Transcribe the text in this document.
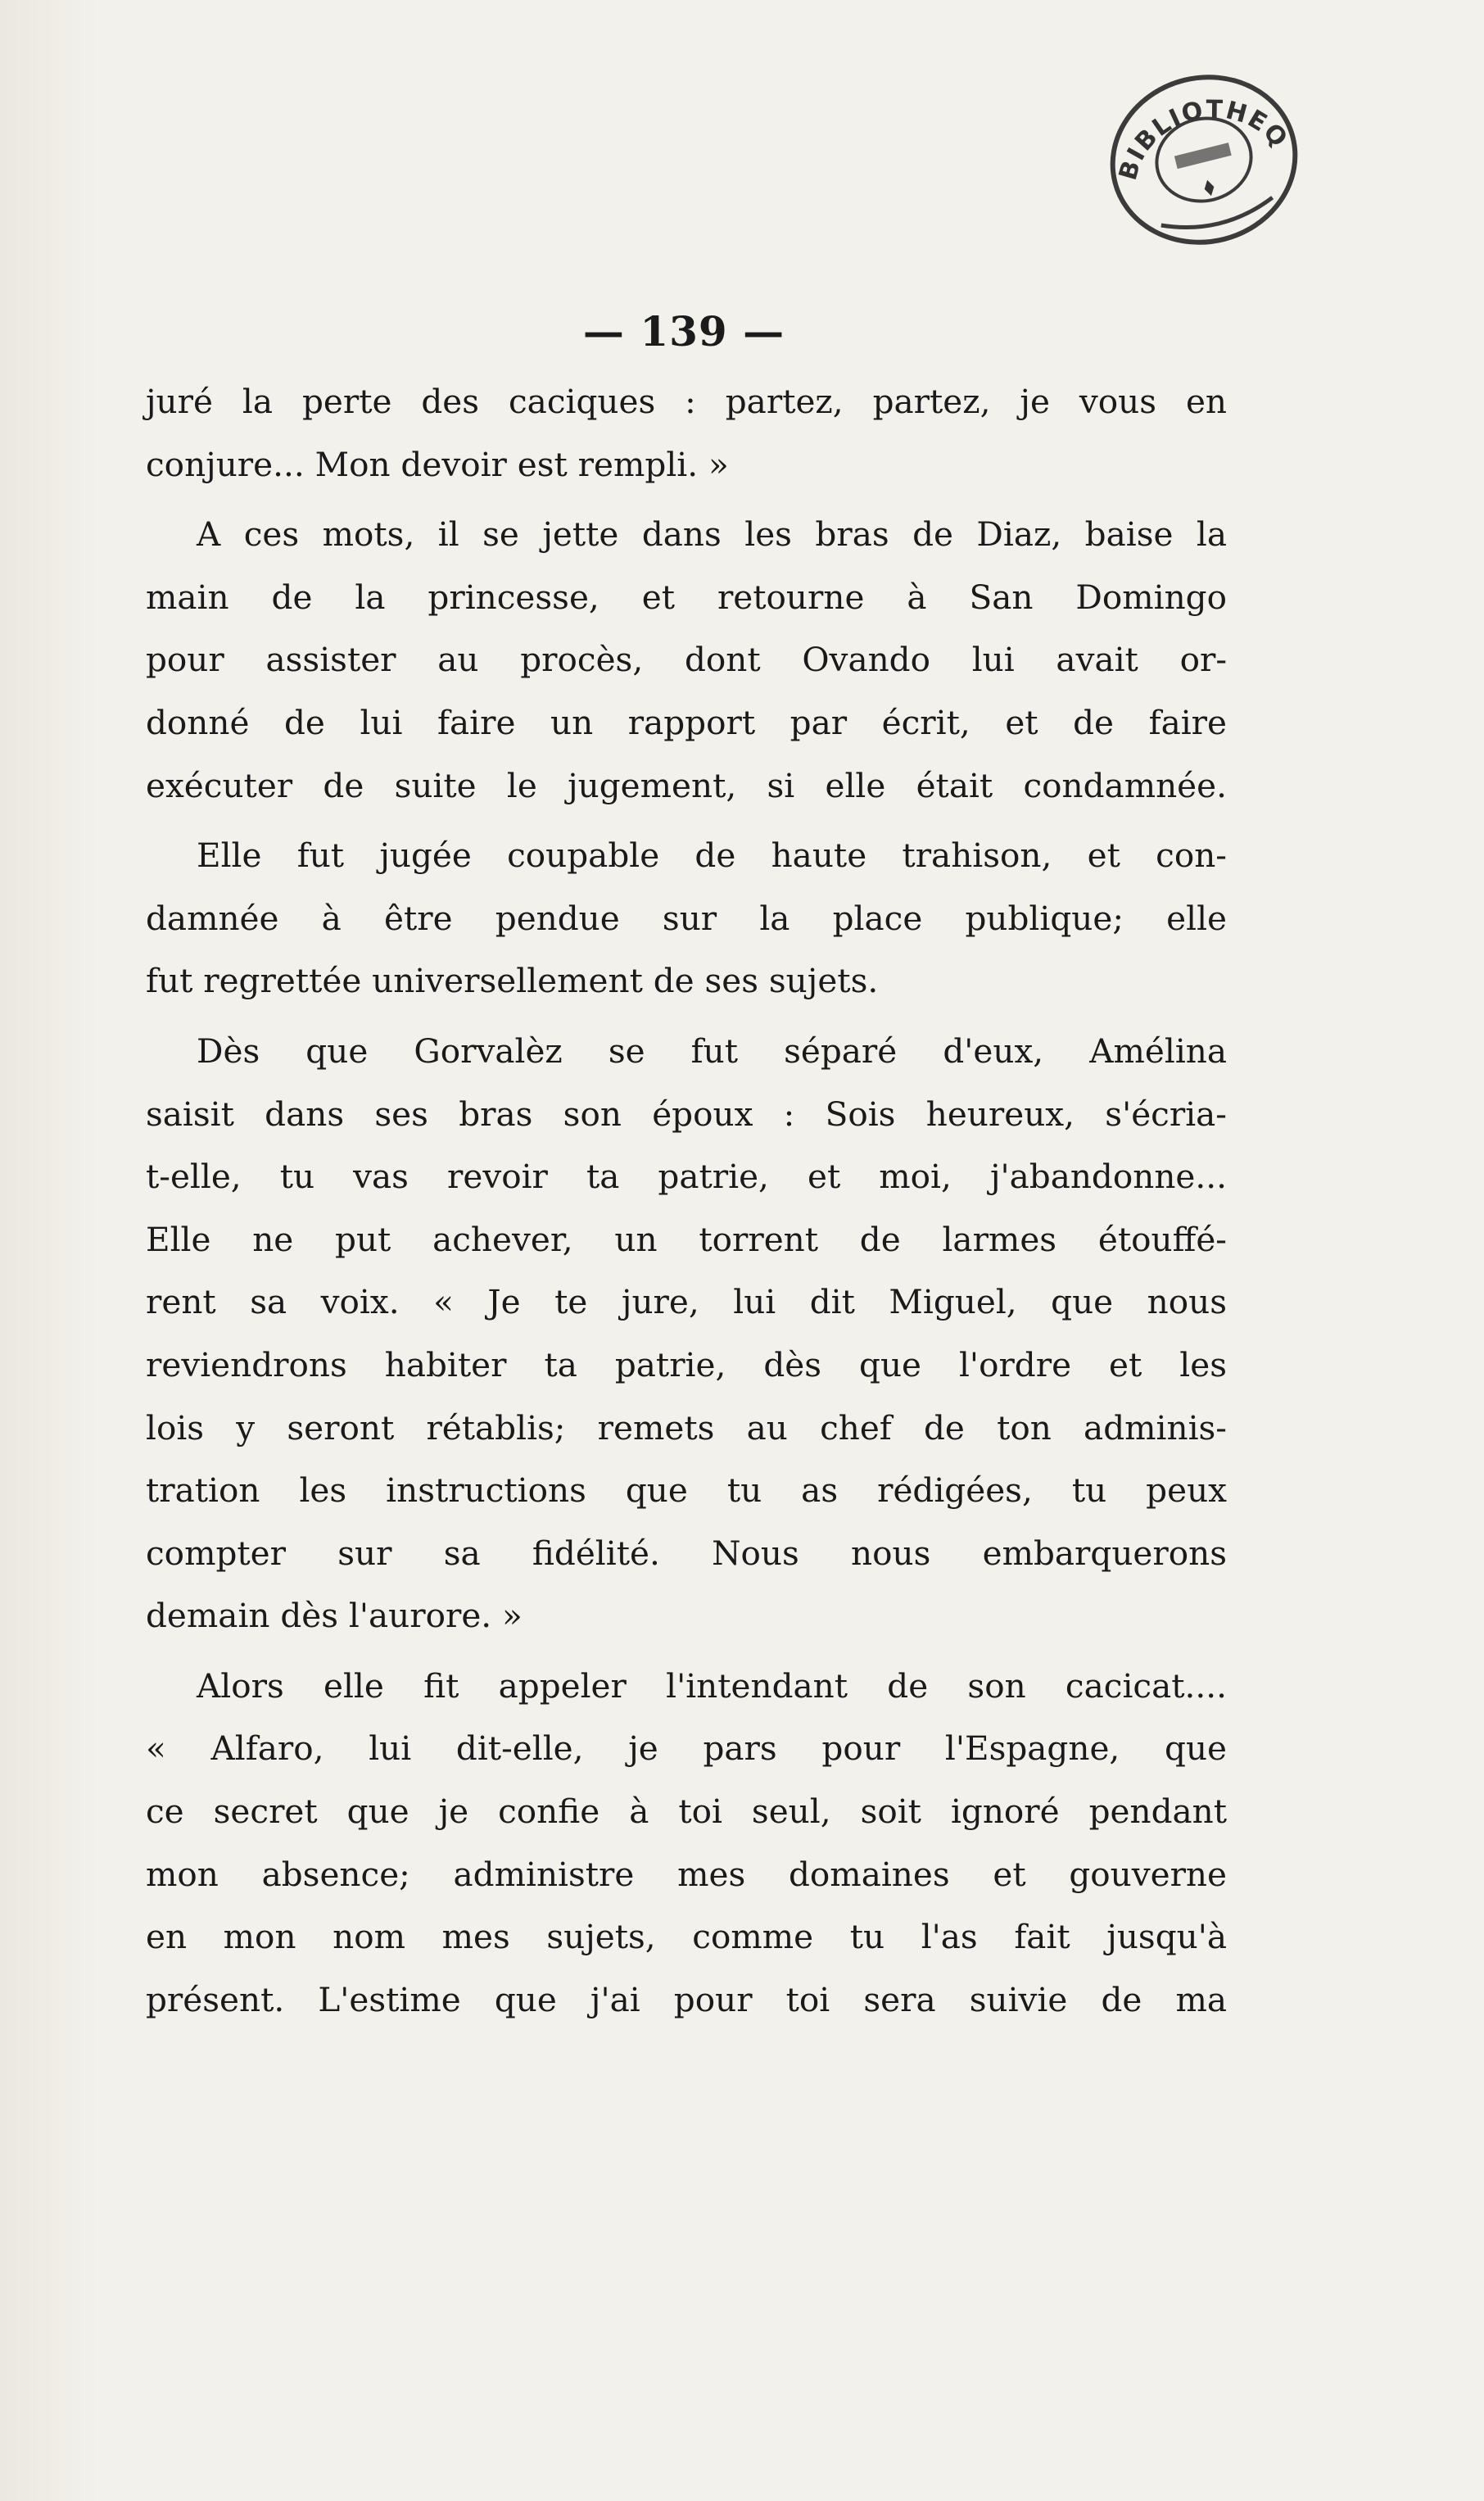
BIBLIOTHEQUE
— 139 —
juré la perte des caciques : partez, partez, je vous en
conjure... Mon devoir est rempli. »
A ces mots, il se jette dans les bras de Diaz, baise la
main de la princesse, et retourne à San Domingo
pour assister au procès, dont Ovando lui avait or-
donné de lui faire un rapport par écrit, et de faire
exécuter de suite le jugement, si elle était condamnée.
Elle fut jugée coupable de haute trahison, et con-
damnée à être pendue sur la place publique; elle
fut regrettée universellement de ses sujets.
Dès que Gorvalèz se fut séparé d'eux, Amélina
saisit dans ses bras son époux : Sois heureux, s'écria-
t-elle, tu vas revoir ta patrie, et moi, j'abandonne...
Elle ne put achever, un torrent de larmes étouffé-
rent sa voix. « Je te jure, lui dit Miguel, que nous
reviendrons habiter ta patrie, dès que l'ordre et les
lois y seront rétablis; remets au chef de ton adminis-
tration les instructions que tu as rédigées, tu peux
compter sur sa fidélité. Nous nous embarquerons
demain dès l'aurore. »
Alors elle fit appeler l'intendant de son cacicat....
« Alfaro, lui dit-elle, je pars pour l'Espagne, que
ce secret que je confie à toi seul, soit ignoré pendant
mon absence; administre mes domaines et gouverne
en mon nom mes sujets, comme tu l'as fait jusqu'à
présent. L'estime que j'ai pour toi sera suivie de ma
